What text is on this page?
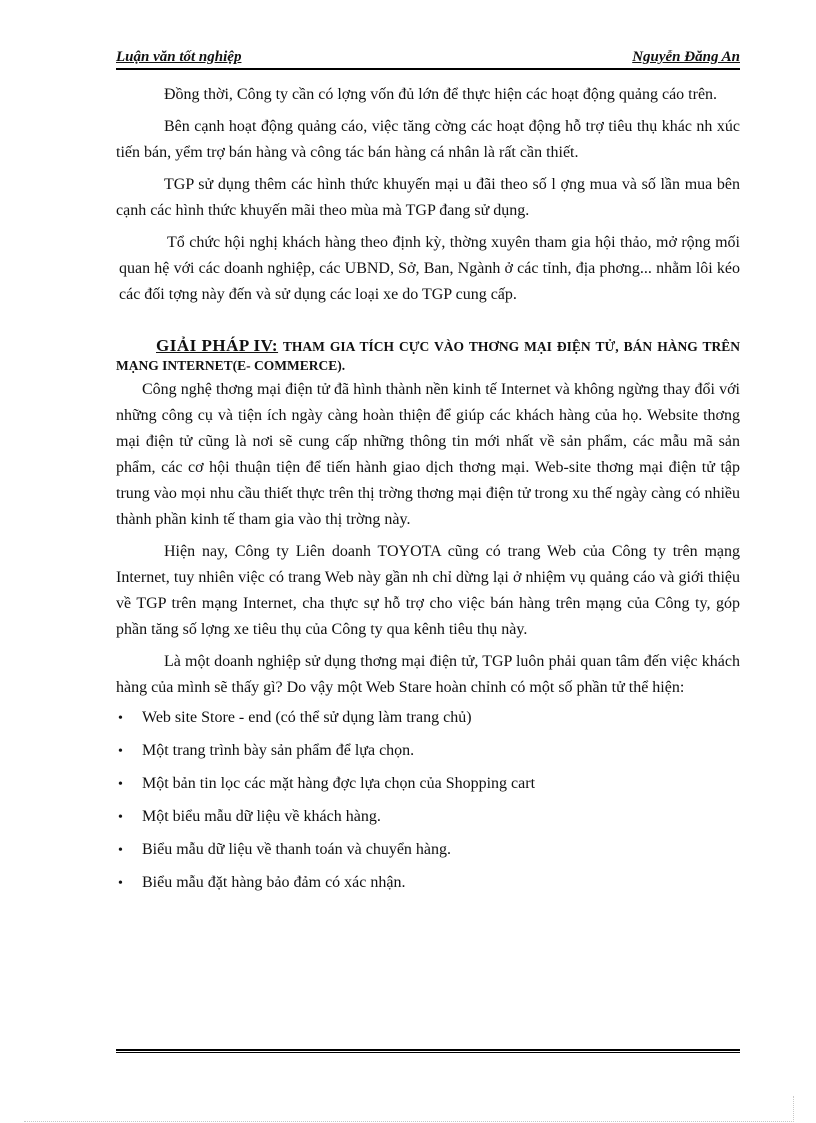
Luận văn tốt nghiệp	Nguyễn Đăng An

Đồng thời, Công ty cần có lợng vốn đủ lớn để thực hiện các hoạt động quảng cáo trên.

Bên cạnh hoạt động quảng cáo, việc tăng cờng các hoạt động hỗ trợ tiêu thụ khác nh xúc tiến bán, yểm trợ bán hàng và công tác bán hàng cá nhân là rất cần thiết.

TGP sử dụng thêm các hình thức khuyến mại u đãi theo số l ợng mua và số lần mua bên cạnh các hình thức khuyến mãi theo mùa mà TGP đang sử dụng.

Tổ chức hội nghị khách hàng theo định kỳ, thờng xuyên tham gia hội thảo, mở rộng mối quan hệ với các doanh nghiệp, các UBND, Sở, Ban, Ngành ở các tỉnh, địa phơng... nhằm lôi kéo các đối tợng này đến và sử dụng các loại xe do TGP cung cấp.

GIẢI PHÁP IV: THAM GIA TÍCH CỰC VÀO THƠNG MẠI ĐIỆN TỬ, BÁN HÀNG TRÊN MẠNG INTERNET(E- COMMERCE).

Công nghệ thơng mại điện tử đã hình thành nền kinh tế Internet và không ngừng thay đổi với những công cụ và tiện ích ngày càng hoàn thiện để giúp các khách hàng của họ. Website thơng mại điện tử cũng là nơi sẽ cung cấp những thông tin mới nhất về sản phẩm, các mẫu mã sản phẩm, các cơ hội thuận tiện để tiến hành giao dịch thơng mại. Web-site thơng mại điện tử tập trung vào mọi nhu cầu thiết thực trên thị trờng thơng mại điện tử trong xu thế ngày càng có nhiều thành phần kinh tế tham gia vào thị trờng này.

Hiện nay, Công ty Liên doanh TOYOTA cũng có trang Web của Công ty trên mạng Internet, tuy nhiên việc có trang Web này gần nh chỉ dừng lại ở nhiệm vụ quảng cáo và giới thiệu về TGP trên mạng Internet, cha thực sự hỗ trợ cho việc bán hàng trên mạng của Công ty, góp phần tăng số lợng xe tiêu thụ của Công ty qua kênh tiêu thụ này.

Là một doanh nghiệp sử dụng thơng mại điện tử, TGP luôn phải quan tâm đến việc khách hàng của mình sẽ thấy gì? Do vậy một Web Stare hoàn chỉnh có một số phần tử thể hiện:

• Web site Store - end (có thể sử dụng làm trang chủ)
• Một trang trình bày sản phẩm để lựa chọn.
• Một bản tin lọc các mặt hàng đợc lựa chọn của Shopping cart
• Một biểu mẫu dữ liệu về khách hàng.
• Biểu mẫu dữ liệu về thanh toán và chuyển hàng.
• Biểu mẫu đặt hàng bảo đảm có xác nhận.
